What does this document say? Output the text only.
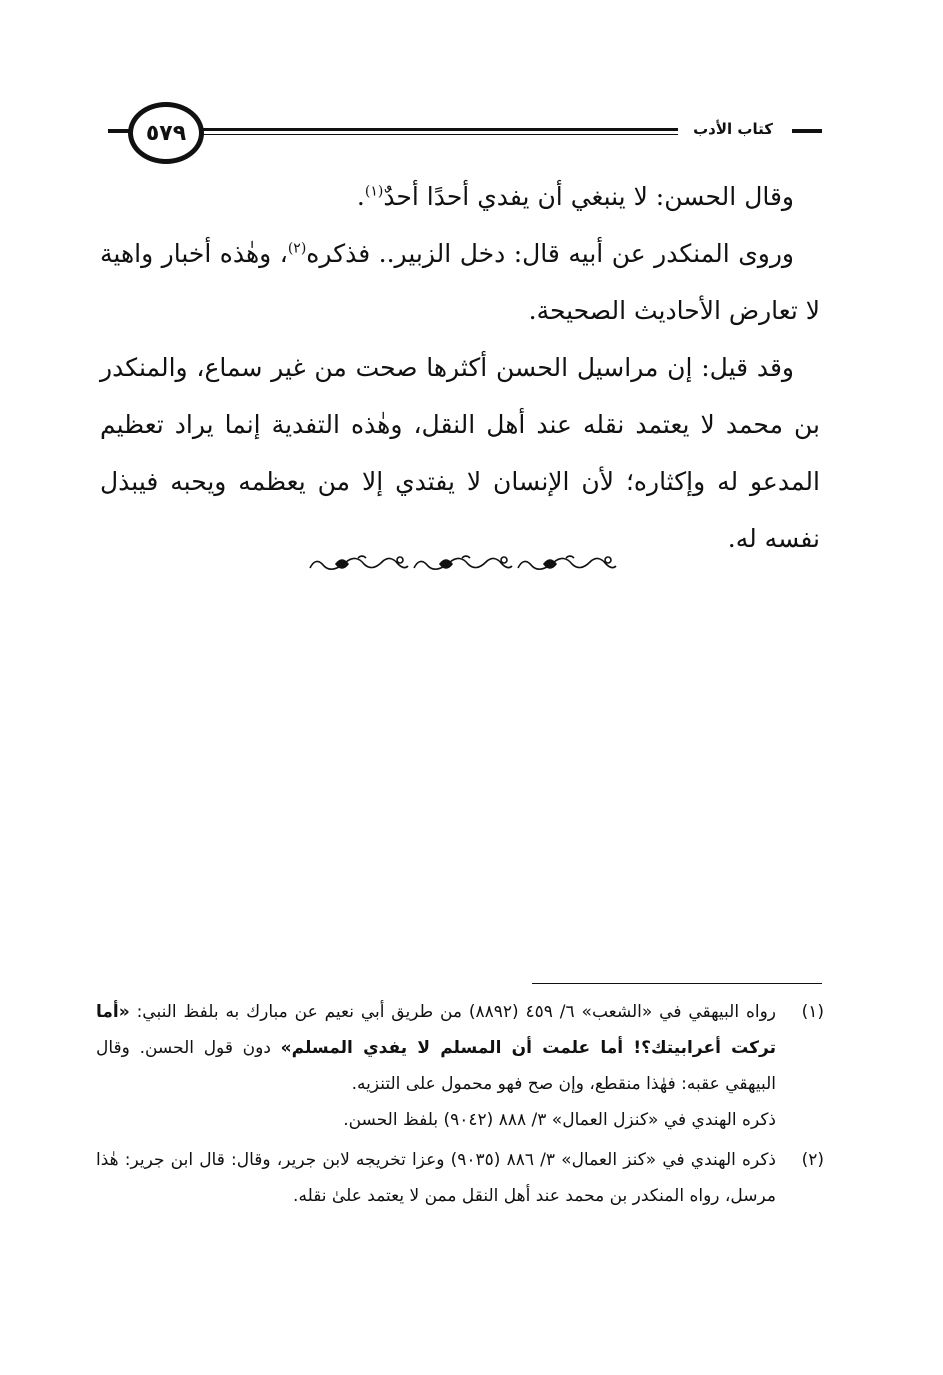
٥٧٩	كتاب الأدب

وقال الحسن: لا ينبغي أن يفدي أحدًا أحدٌ$^{(١)}$.

وروى المنكدر عن أبيه قال: دخل الزبير.. فذكره$^{(٢)}$، وهٰذه أخبار واهية لا تعارض الأحاديث الصحيحة.

وقد قيل: إن مراسيل الحسن أكثرها صحت من غير سماع، والمنكدر بن محمد لا يعتمد نقله عند أهل النقل، وهٰذه التفدية إنما يراد تعظيم المدعو له وإكثاره؛ لأن الإنسان لا يفتدي إلا من يعظمه ويحبه فيبذل نفسه له.

(١)

رواه البيهقي في «الشعب» ٦/ ٤٥٩ (٨٨٩٢) من طريق أبي نعيم عن مبارك به بلفظ النبي: «أما تركت أعرابيتك؟! أما علمت أن المسلم لا يفدي المسلم» دون قول الحسن. وقال البيهقي عقبه: فهٰذا منقطع، وإن صح فهو محمول على التنزيه.

ذكره الهندي في «كنزل العمال» ٣/ ٨٨٨ (٩٠٤٢) بلفظ الحسن.

(٢)

ذكره الهندي في «كنز العمال» ٣/ ٨٨٦ (٩٠٣٥) وعزا تخريجه لابن جرير، وقال: قال ابن جرير: هٰذا مرسل، رواه المنكدر بن محمد عند أهل النقل ممن لا يعتمد علىٰ نقله.
